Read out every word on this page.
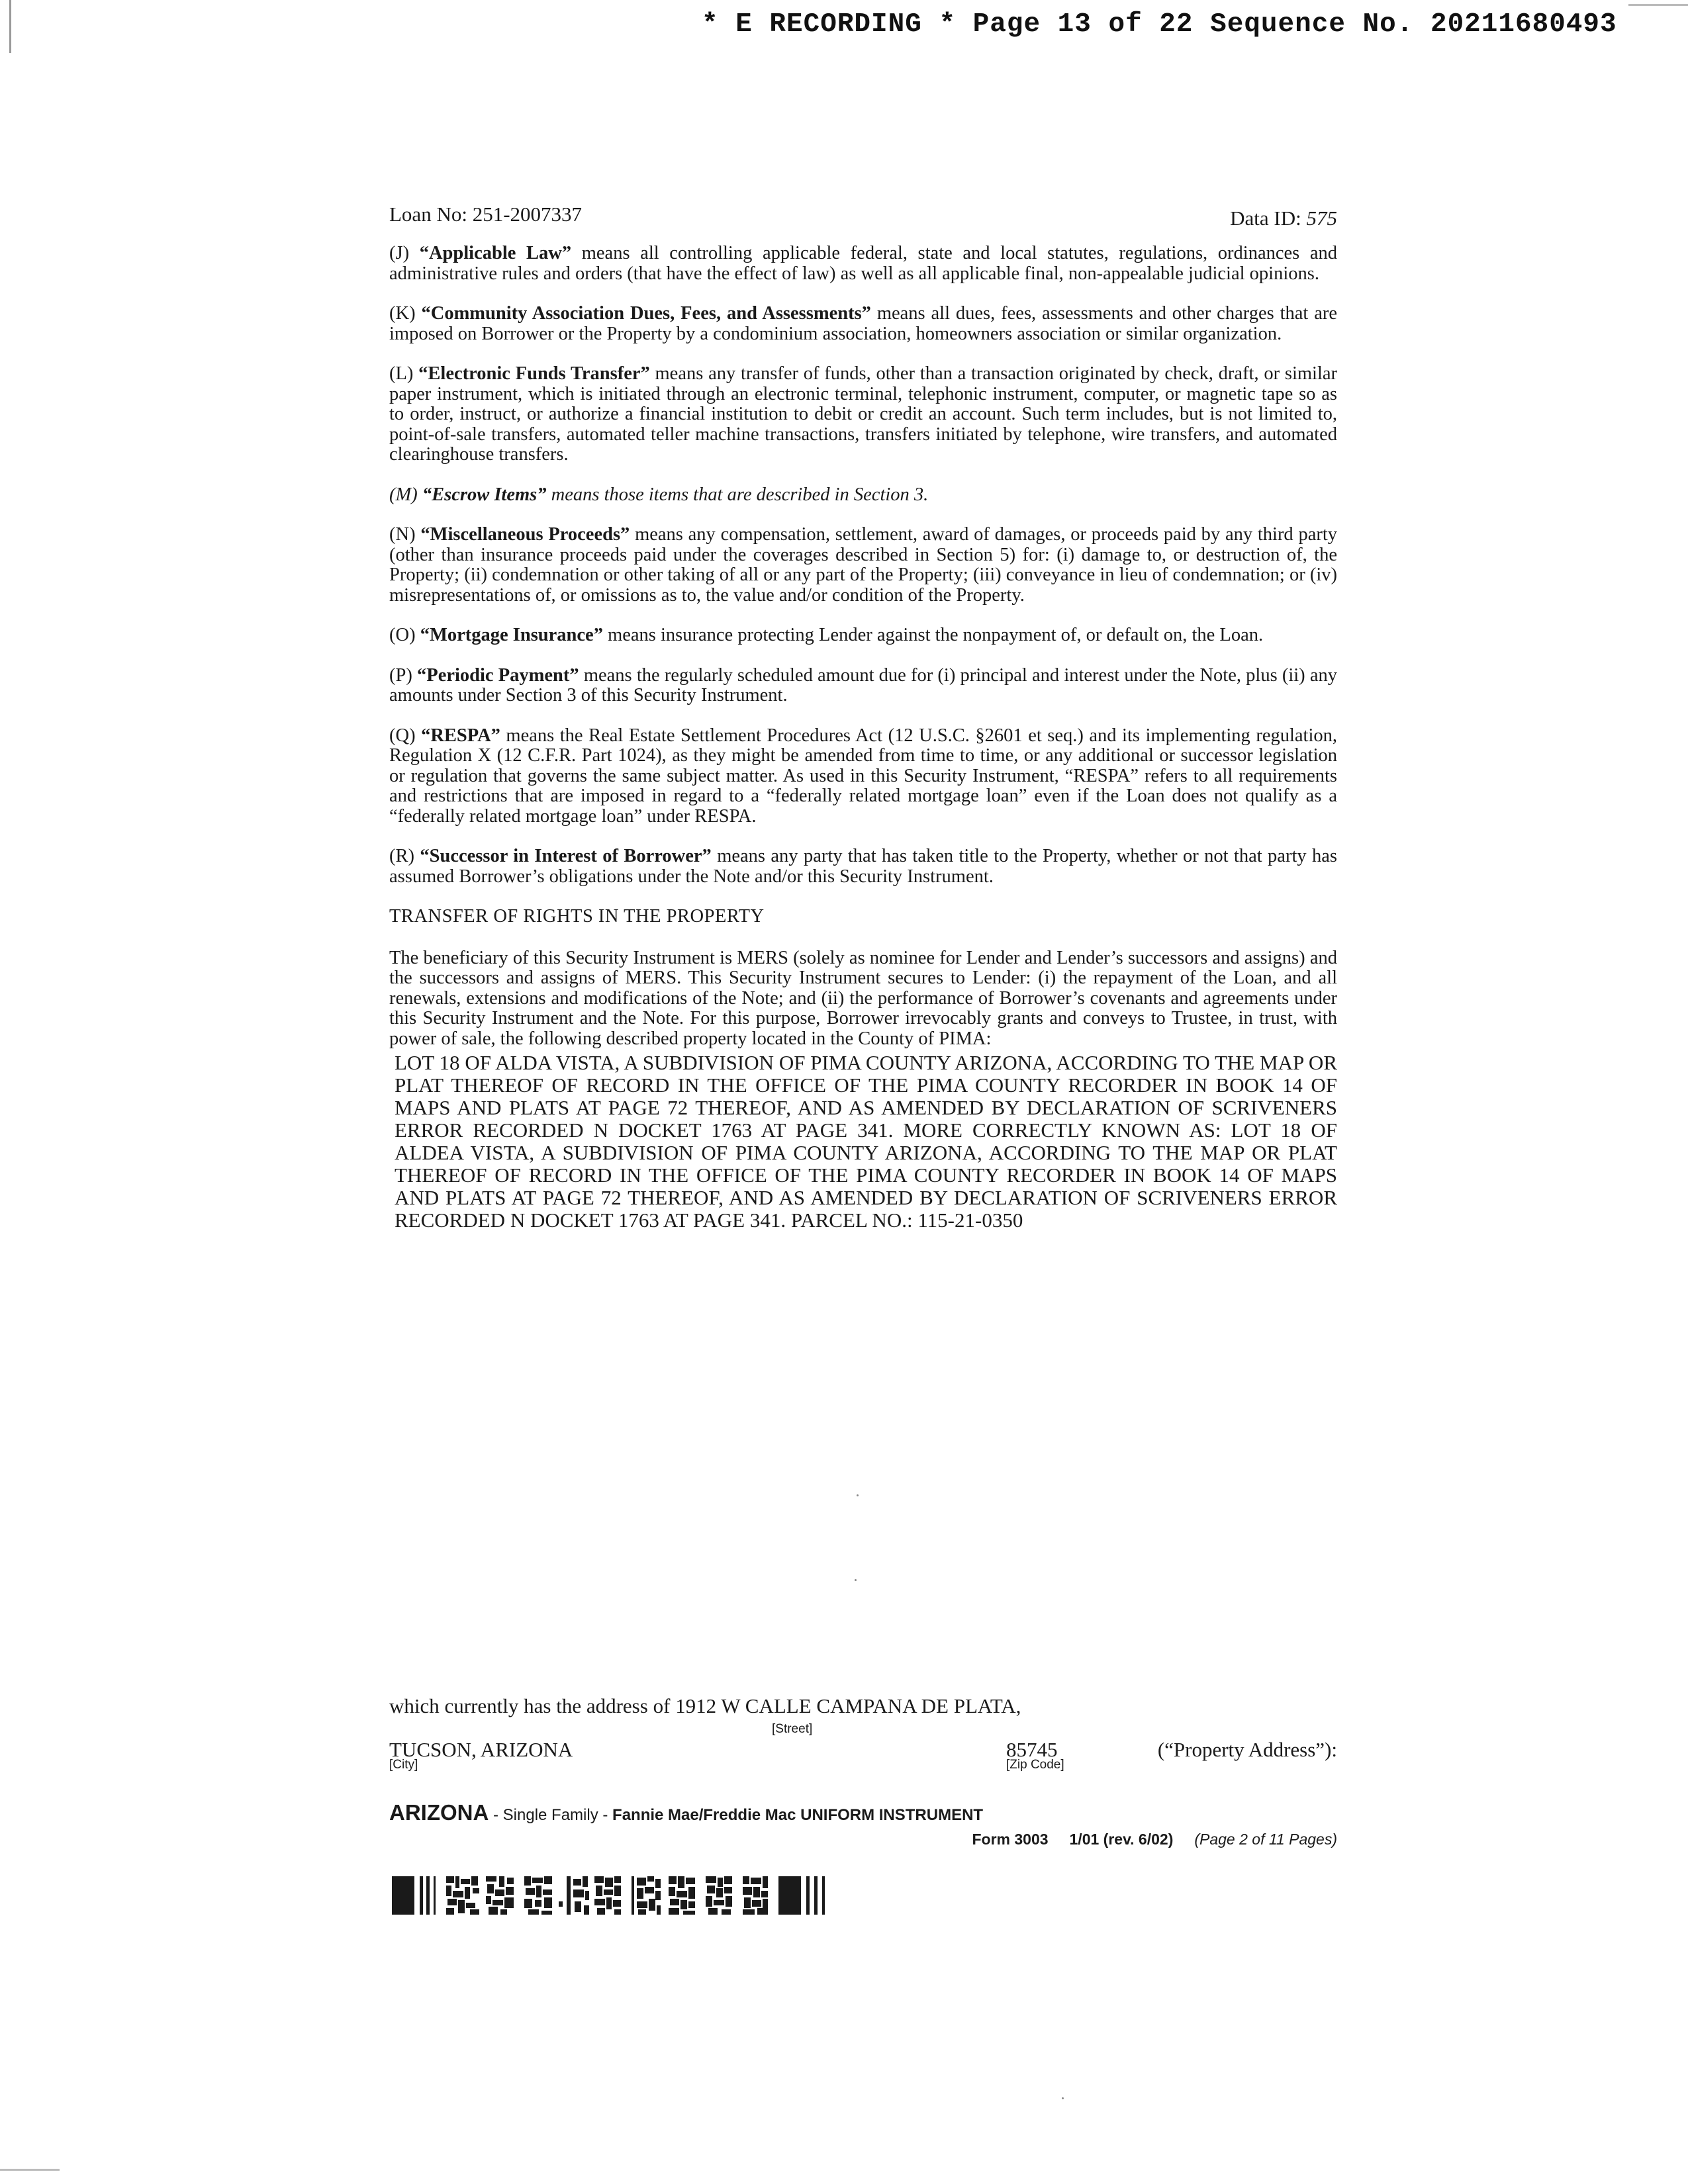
* E RECORDING * Page 13 of 22 Sequence No. 20211680493
Loan No: 251-2007337	Data ID: 575

(J) “Applicable Law” means all controlling applicable federal, state and local statutes, regulations, ordinances and administrative rules and orders (that have the effect of law) as well as all applicable final, non-appealable judicial opinions.

(K) “Community Association Dues, Fees, and Assessments” means all dues, fees, assessments and other charges that are imposed on Borrower or the Property by a condominium association, homeowners association or similar organization.

(L) “Electronic Funds Transfer” means any transfer of funds, other than a transaction originated by check, draft, or similar paper instrument, which is initiated through an electronic terminal, telephonic instrument, computer, or magnetic tape so as to order, instruct, or authorize a financial institution to debit or credit an account. Such term includes, but is not limited to, point-of-sale transfers, automated teller machine transactions, transfers initiated by telephone, wire transfers, and automated clearinghouse transfers.

(M) “Escrow Items” means those items that are described in Section 3.

(N) “Miscellaneous Proceeds” means any compensation, settlement, award of damages, or proceeds paid by any third party (other than insurance proceeds paid under the coverages described in Section 5) for: (i) damage to, or destruction of, the Property; (ii) condemnation or other taking of all or any part of the Property; (iii) conveyance in lieu of condemnation; or (iv) misrepresentations of, or omissions as to, the value and/or condition of the Property.

(O) “Mortgage Insurance” means insurance protecting Lender against the nonpayment of, or default on, the Loan.

(P) “Periodic Payment” means the regularly scheduled amount due for (i) principal and interest under the Note, plus (ii) any amounts under Section 3 of this Security Instrument.

(Q) “RESPA” means the Real Estate Settlement Procedures Act (12 U.S.C. §2601 et seq.) and its implementing regulation, Regulation X (12 C.F.R. Part 1024), as they might be amended from time to time, or any additional or successor legislation or regulation that governs the same subject matter. As used in this Security Instrument, “RESPA” refers to all requirements and restrictions that are imposed in regard to a “federally related mortgage loan” even if the Loan does not qualify as a “federally related mortgage loan” under RESPA.

(R) “Successor in Interest of Borrower” means any party that has taken title to the Property, whether or not that party has assumed Borrower’s obligations under the Note and/or this Security Instrument.

TRANSFER OF RIGHTS IN THE PROPERTY

The beneficiary of this Security Instrument is MERS (solely as nominee for Lender and Lender’s successors and assigns) and the successors and assigns of MERS. This Security Instrument secures to Lender: (i) the repayment of the Loan, and all renewals, extensions and modifications of the Note; and (ii) the performance of Borrower’s covenants and agreements under this Security Instrument and the Note. For this purpose, Borrower irrevocably grants and conveys to Trustee, in trust, with power of sale, the following described property located in the County of PIMA:

LOT 18 OF ALDA VISTA, A SUBDIVISION OF PIMA COUNTY ARIZONA, ACCORDING TO THE MAP OR PLAT THEREOF OF RECORD IN THE OFFICE OF THE PIMA COUNTY RECORDER IN BOOK 14 OF MAPS AND PLATS AT PAGE 72 THEREOF, AND AS AMENDED BY DECLARATION OF SCRIVENERS ERROR RECORDED N DOCKET 1763 AT PAGE 341. MORE CORRECTLY KNOWN AS: LOT 18 OF ALDEA VISTA, A SUBDIVISION OF PIMA COUNTY ARIZONA, ACCORDING TO THE MAP OR PLAT THEREOF OF RECORD IN THE OFFICE OF THE PIMA COUNTY RECORDER IN BOOK 14 OF MAPS AND PLATS AT PAGE 72 THEREOF, AND AS AMENDED BY DECLARATION OF SCRIVENERS ERROR RECORDED N DOCKET 1763 AT PAGE 341. PARCEL NO.: 115-21-0350
which currently has the address of 1912 W CALLE CAMPANA DE PLATA,
[Street]
TUCSON, ARIZONA
[City]
85745
[Zip Code]
(“Property Address”):
ARIZONA - Single Family - Fannie Mae/Freddie Mac UNIFORM INSTRUMENT
Form 3003 1/01 (rev. 6/02) (Page 2 of 11 Pages)
